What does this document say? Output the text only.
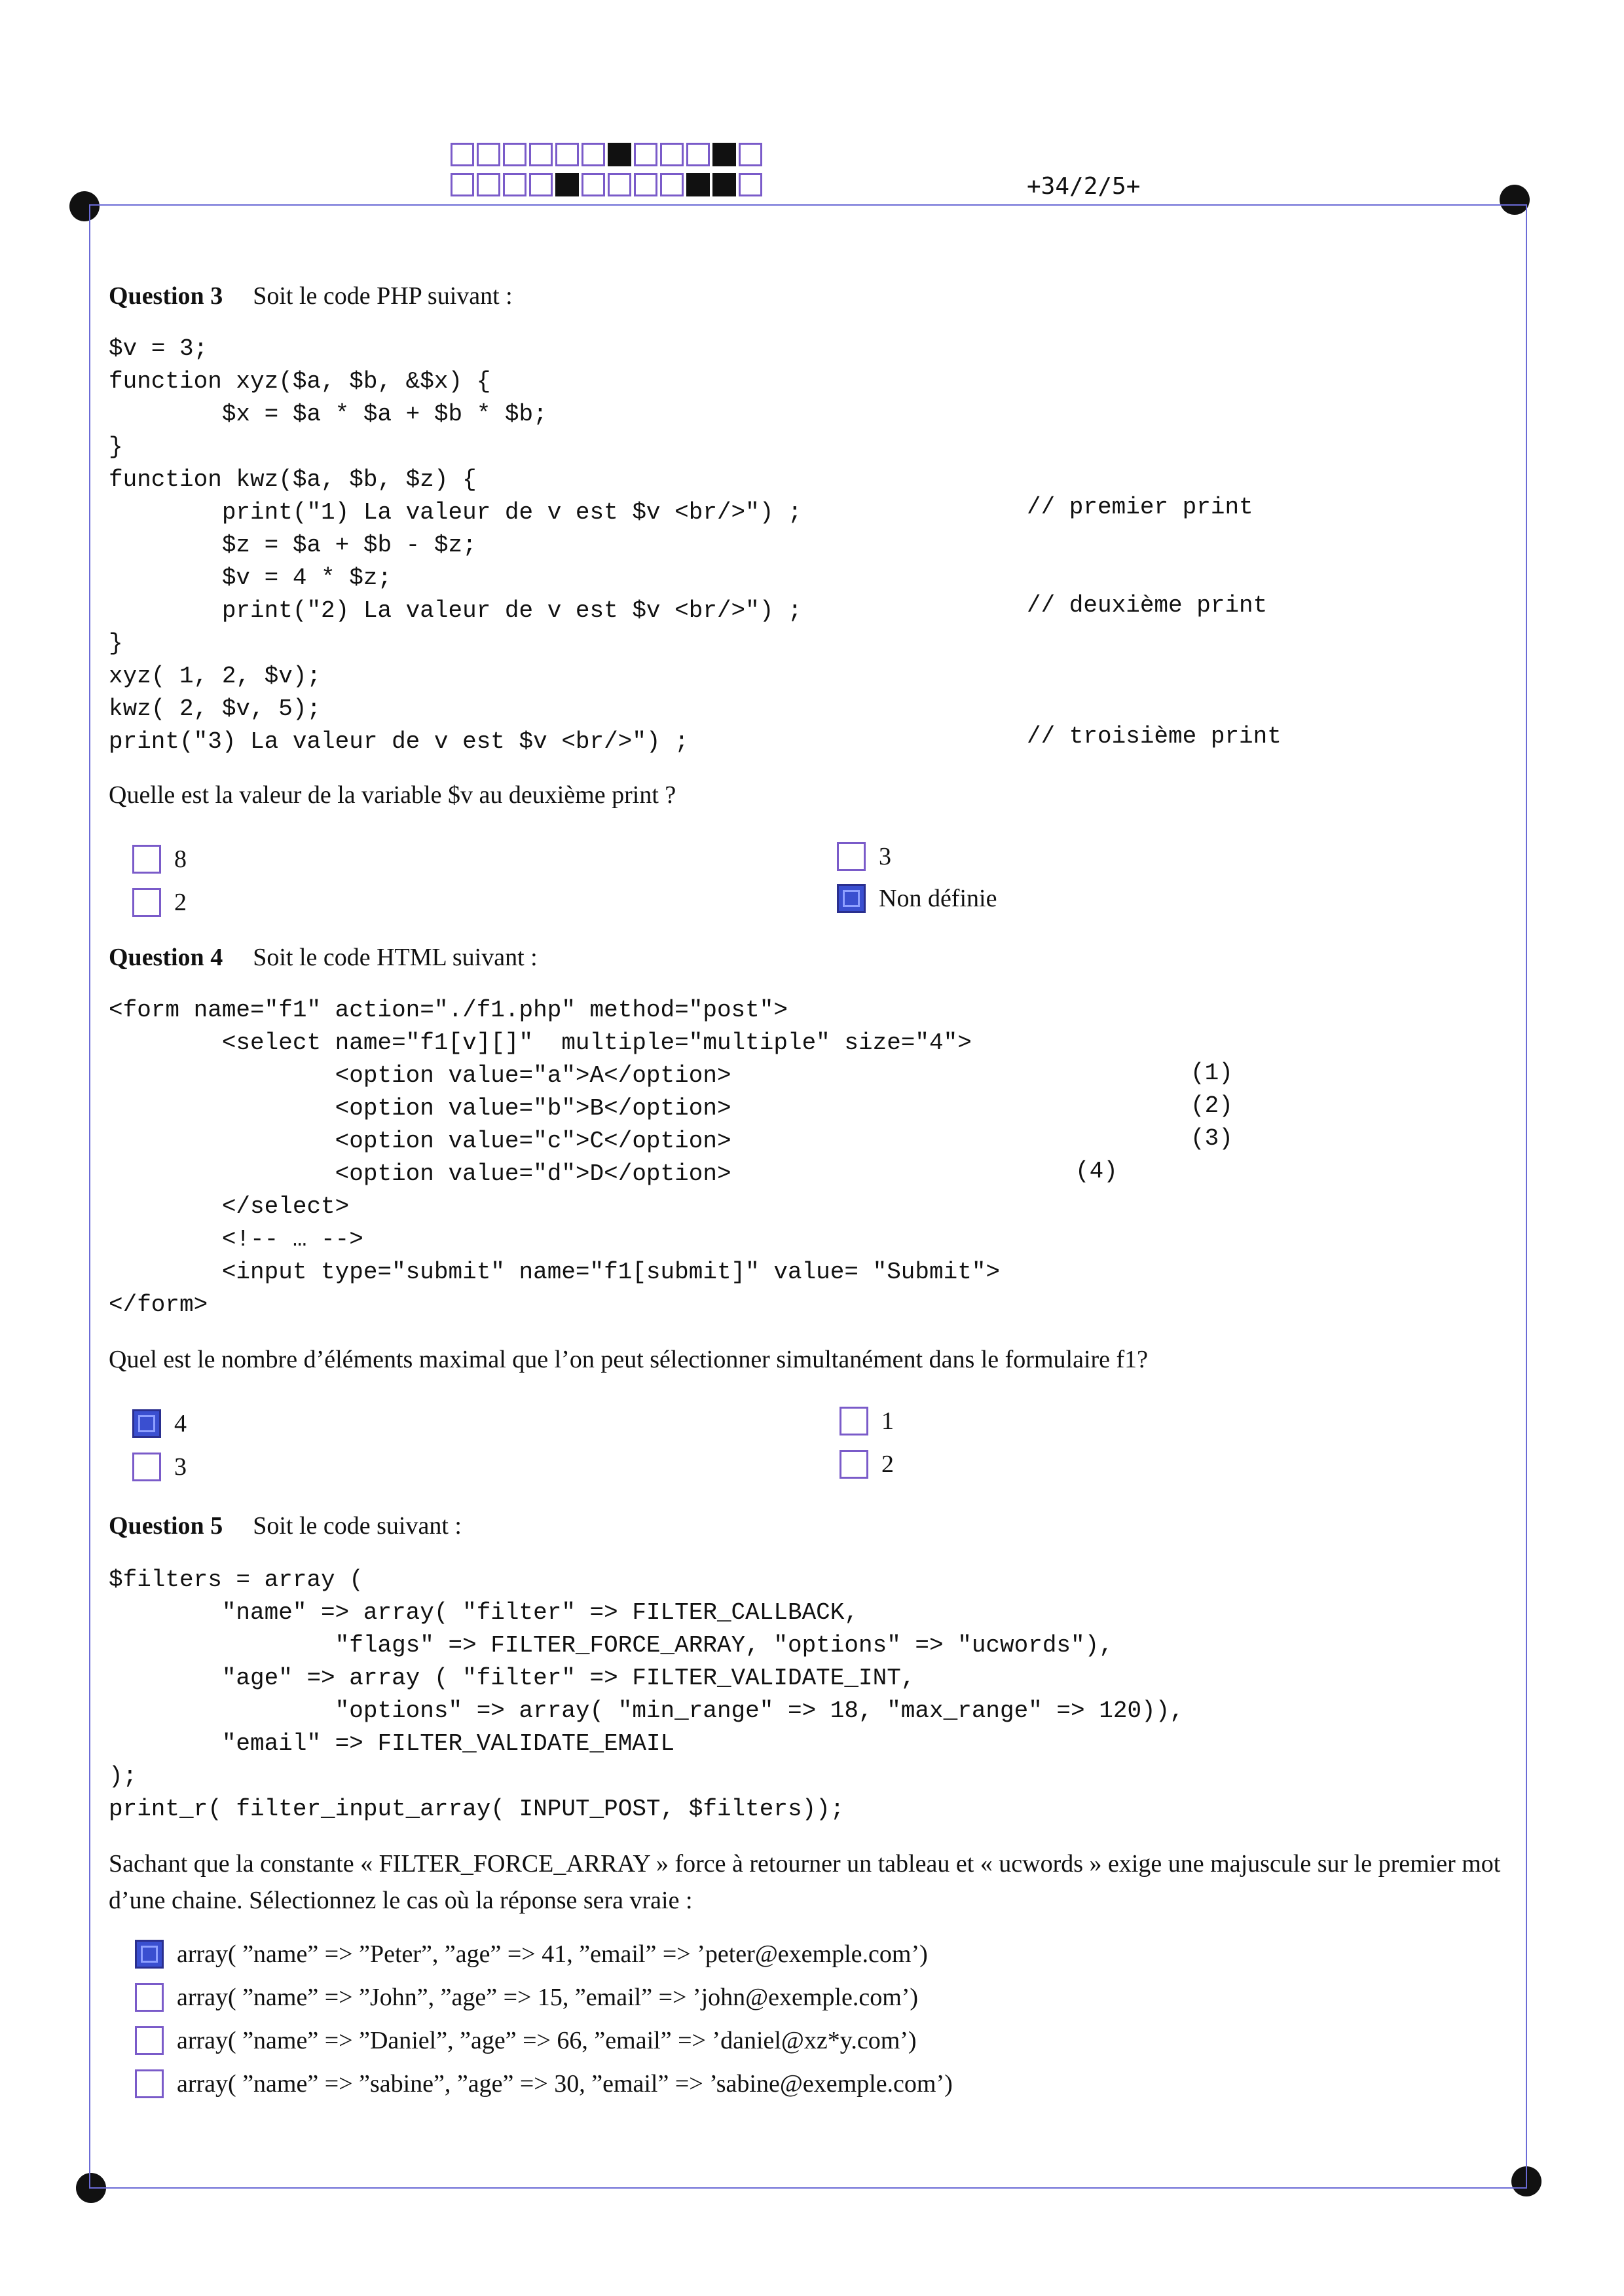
+34/2/5+
Question 3 Soit le code PHP suivant :
$v = 3;
function xyz($a, $b, &$x) {
$x = $a * $a + $b * $b;
}
function kwz($a, $b, $z) {
print("1) La valeur de v est $v <br/>") ;
$z = $a + $b - $z;
$v = 4 * $z;
print("2) La valeur de v est $v <br/>") ;
}
xyz( 1, 2, $v);
kwz( 2, $v, 5);
print("3) La valeur de v est $v <br/>") ;
// premier print
// deuxième print
// troisième print
Quelle est la valeur de la variable $v au deuxième print ?
8
2
3
Non définie
Question 4 Soit le code HTML suivant :
<form name="f1" action="./f1.php" method="post">
<select name="f1[v][]"  multiple="multiple" size="4">
<option value="a">A</option>
<option value="b">B</option>
<option value="c">C</option>
<option value="d">D</option>
</select>
<!-- … -->
<input type="submit" name="f1[submit]" value= "Submit">
</form>
(1)
(2)
(3)
(4)
Quel est le nombre d’éléments maximal que l’on peut sélectionner simultanément dans le formulaire f1?
4
3
1
2
Question 5 Soit le code suivant :
$filters = array (
"name" => array( "filter" => FILTER_CALLBACK,
"flags" => FILTER_FORCE_ARRAY, "options" => "ucwords"),
"age" => array ( "filter" => FILTER_VALIDATE_INT,
"options" => array( "min_range" => 18, "max_range" => 120)),
"email" => FILTER_VALIDATE_EMAIL
);
print_r( filter_input_array( INPUT_POST, $filters));
Sachant que la constante « FILTER_FORCE_ARRAY » force à retourner un tableau et « ucwords » exige une majuscule sur le premier mot d’une chaine. Sélectionnez le cas où la réponse sera vraie :
array( ”name” => ”Peter”, ”age” => 41, ”email” => ’peter@exemple.com’)
array( ”name” => ”John”, ”age” => 15, ”email” => ’john@exemple.com’)
array( ”name” => ”Daniel”, ”age” => 66, ”email” => ’daniel@xz*y.com’)
array( ”name” => ”sabine”, ”age” => 30, ”email” => ’sabine@exemple.com’)
